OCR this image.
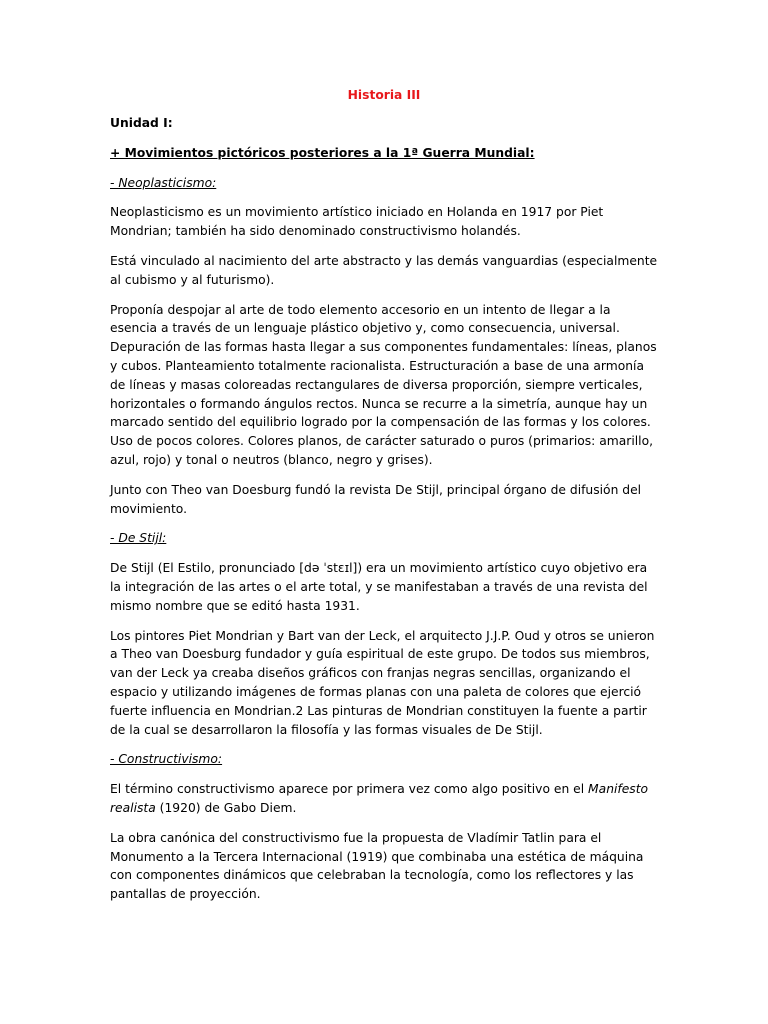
Historia III
Unidad I:
+ Movimientos pictóricos posteriores a la 1ª Guerra Mundial:
- Neoplasticismo:

Neoplasticismo es un movimiento artístico iniciado en Holanda en 1917 por Piet Mondrian; también ha sido denominado constructivismo holandés.

Está vinculado al nacimiento del arte abstracto y las demás vanguardias (especialmente al cubismo y al futurismo).

Proponía despojar al arte de todo elemento accesorio en un intento de llegar a la esencia a través de un lenguaje plástico objetivo y, como consecuencia, universal. Depuración de las formas hasta llegar a sus componentes fundamentales: líneas, planos y cubos. Planteamiento totalmente racionalista. Estructuración a base de una armonía de líneas y masas coloreadas rectangulares de diversa proporción, siempre verticales, horizontales o formando ángulos rectos. Nunca se recurre a la simetría, aunque hay un marcado sentido del equilibrio logrado por la compensación de las formas y los colores. Uso de pocos colores. Colores planos, de carácter saturado o puros (primarios: amarillo, azul, rojo) y tonal o neutros (blanco, negro y grises).

Junto con Theo van Doesburg fundó la revista De Stijl, principal órgano de difusión del movimiento.

- De Stijl:

De Stijl (El Estilo, pronunciado [də ˈstɛɪl]) era un movimiento artístico cuyo objetivo era la integración de las artes o el arte total, y se manifestaban a través de una revista del mismo nombre que se editó hasta 1931.

Los pintores Piet Mondrian y Bart van der Leck, el arquitecto J.J.P. Oud y otros se unieron a Theo van Doesburg fundador y guía espiritual de este grupo. De todos sus miembros, van der Leck ya creaba diseños gráficos con franjas negras sencillas, organizando el espacio y utilizando imágenes de formas planas con una paleta de colores que ejerció fuerte influencia en Mondrian.2 Las pinturas de Mondrian constituyen la fuente a partir de la cual se desarrollaron la filosofía y las formas visuales de De Stijl.

- Constructivismo:

El término constructivismo aparece por primera vez como algo positivo en el Manifesto realista (1920) de Gabo Diem.

La obra canónica del constructivismo fue la propuesta de Vladímir Tatlin para el Monumento a la Tercera Internacional (1919) que combinaba una estética de máquina con componentes dinámicos que celebraban la tecnología, como los reflectores y las pantallas de proyección.
